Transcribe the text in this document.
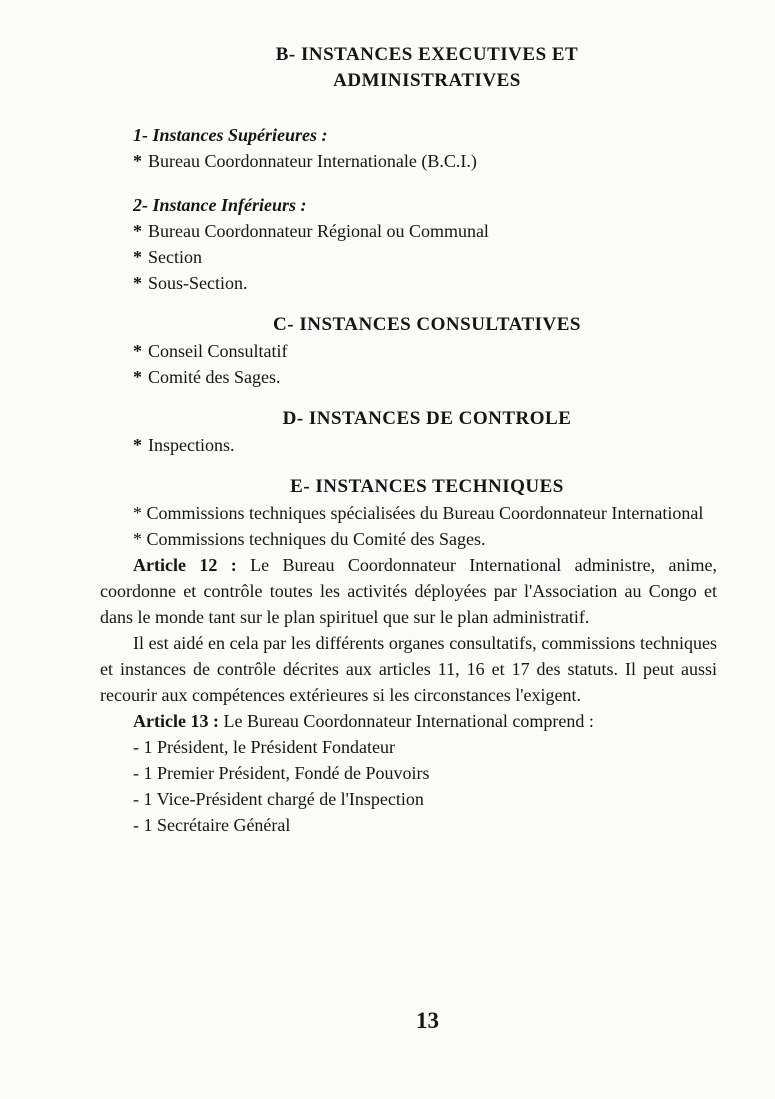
B- INSTANCES EXECUTIVES ET
ADMINISTRATIVES

1- Instances Supérieures :

* Bureau Coordonnateur Internationale (B.C.I.)

2- Instance Inférieurs :

* Bureau Coordonnateur Régional ou Communal

* Section

* Sous-Section.

C- INSTANCES CONSULTATIVES

* Conseil Consultatif

* Comité des Sages.

D- INSTANCES DE CONTROLE

* Inspections.

E- INSTANCES TECHNIQUES

* Commissions techniques spécialisées du Bureau Coordonnateur International

* Commissions techniques du Comité des Sages.

Article 12 : Le Bureau Coordonnateur International administre, anime, coordonne et contrôle toutes les activités déployées par l'Association au Congo et dans le monde tant sur le plan spirituel que sur le plan administratif.

Il est aidé en cela par les différents organes consultatifs, commissions techniques et instances de contrôle décrites aux articles 11, 16 et 17 des statuts. Il peut aussi recourir aux compétences extérieures si les circonstances l'exigent.

Article 13 : Le Bureau Coordonnateur International comprend :

- 1 Président, le Président Fondateur

- 1 Premier Président, Fondé de Pouvoirs

- 1 Vice-Président chargé de l'Inspection

- 1 Secrétaire Général

13
